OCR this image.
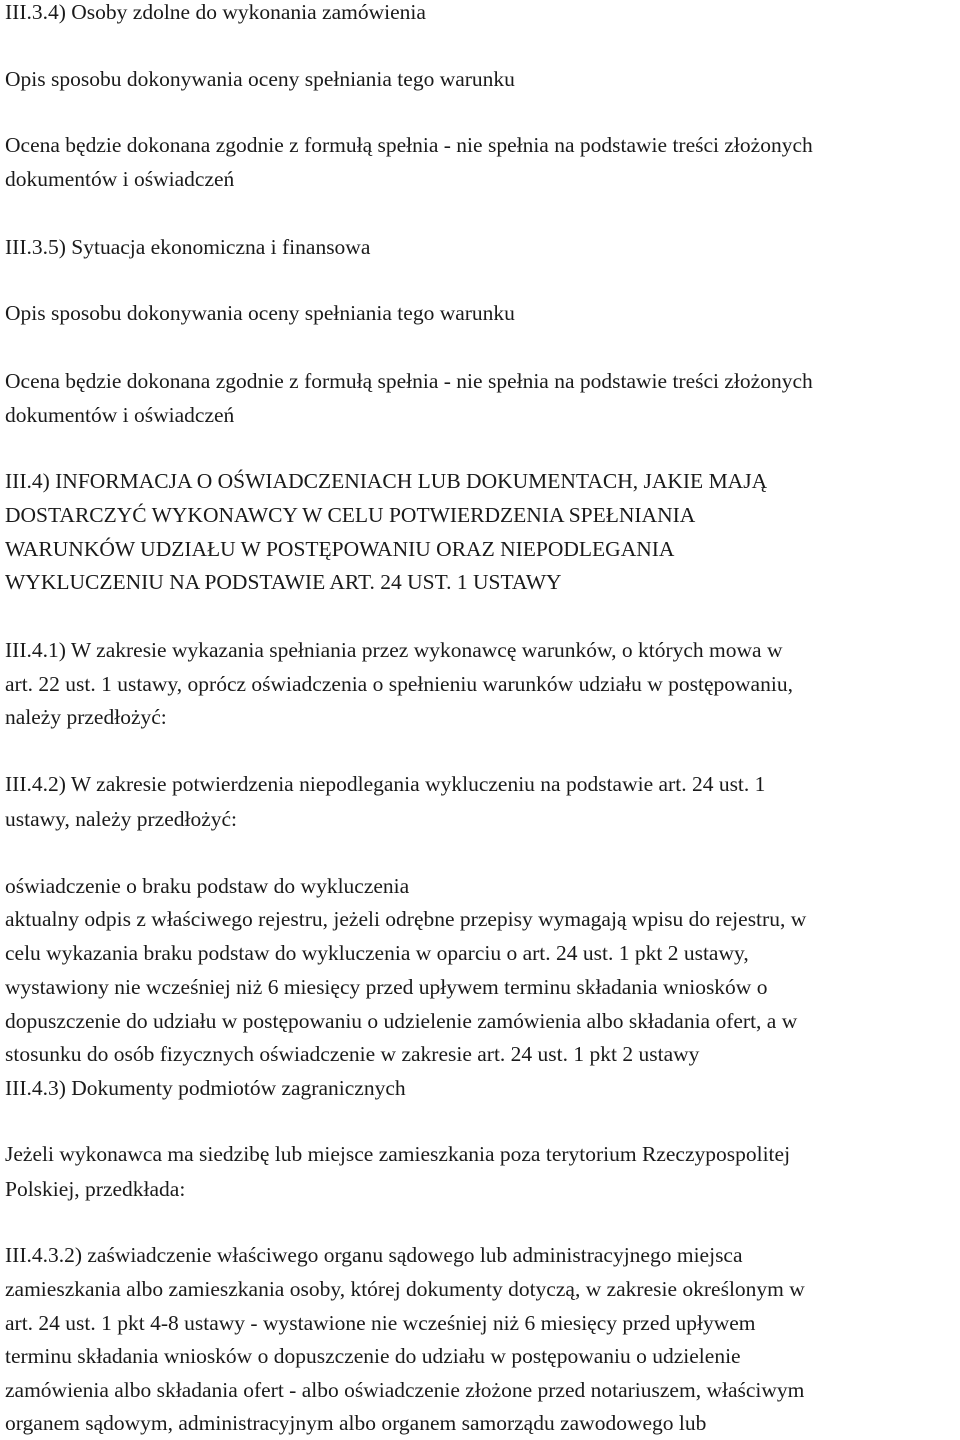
III.3.4) Osoby zdolne do wykonania zamówienia
Opis sposobu dokonywania oceny spełniania tego warunku
Ocena będzie dokonana zgodnie z formułą spełnia - nie spełnia na podstawie treści złożonych
dokumentów i oświadczeń
III.3.5) Sytuacja ekonomiczna i finansowa
Opis sposobu dokonywania oceny spełniania tego warunku
Ocena będzie dokonana zgodnie z formułą spełnia - nie spełnia na podstawie treści złożonych
dokumentów i oświadczeń
III.4) INFORMACJA O OŚWIADCZENIACH LUB DOKUMENTACH, JAKIE MAJĄ
DOSTARCZYĆ WYKONAWCY W CELU POTWIERDZENIA SPEŁNIANIA
WARUNKÓW UDZIAŁU W POSTĘPOWANIU ORAZ NIEPODLEGANIA
WYKLUCZENIU NA PODSTAWIE ART. 24 UST. 1 USTAWY
III.4.1) W zakresie wykazania spełniania przez wykonawcę warunków, o których mowa w
art. 22 ust. 1 ustawy, oprócz oświadczenia o spełnieniu warunków udziału w postępowaniu,
należy przedłożyć:
III.4.2) W zakresie potwierdzenia niepodlegania wykluczeniu na podstawie art. 24 ust. 1
ustawy, należy przedłożyć:
oświadczenie o braku podstaw do wykluczenia
aktualny odpis z właściwego rejestru, jeżeli odrębne przepisy wymagają wpisu do rejestru, w
celu wykazania braku podstaw do wykluczenia w oparciu o art. 24 ust. 1 pkt 2 ustawy,
wystawiony nie wcześniej niż 6 miesięcy przed upływem terminu składania wniosków o
dopuszczenie do udziału w postępowaniu o udzielenie zamówienia albo składania ofert, a w
stosunku do osób fizycznych oświadczenie w zakresie art. 24 ust. 1 pkt 2 ustawy
III.4.3) Dokumenty podmiotów zagranicznych
Jeżeli wykonawca ma siedzibę lub miejsce zamieszkania poza terytorium Rzeczypospolitej
Polskiej, przedkłada:
III.4.3.2) zaświadczenie właściwego organu sądowego lub administracyjnego miejsca
zamieszkania albo zamieszkania osoby, której dokumenty dotyczą, w zakresie określonym w
art. 24 ust. 1 pkt 4-8 ustawy - wystawione nie wcześniej niż 6 miesięcy przed upływem
terminu składania wniosków o dopuszczenie do udziału w postępowaniu o udzielenie
zamówienia albo składania ofert - albo oświadczenie złożone przed notariuszem, właściwym
organem sądowym, administracyjnym albo organem samorządu zawodowego lub
